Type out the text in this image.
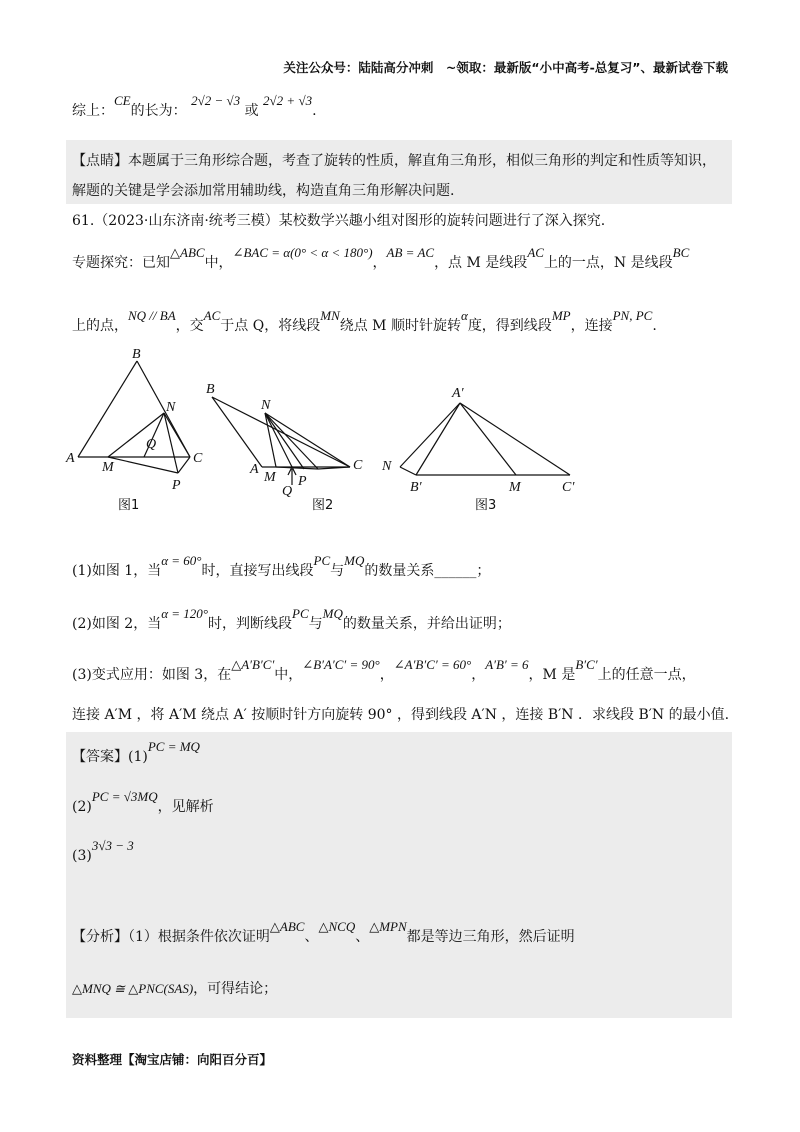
关注公众号：陆陆高分冲刺　~领取：最新版“小中高考-总复习”、最新试卷下载
综上：CE的长为： 2√2 − √3 或 2√2 + √3.
【点睛】本题属于三角形综合题，考查了旋转的性质，解直角三角形，相似三角形的判定和性质等知识，
解题的关键是学会添加常用辅助线，构造直角三角形解决问题.
61.（2023·山东济南·统考三模）某校数学兴趣小组对图形的旋转问题进行了深入探究.
专题探究：已知△ABC中，∠BAC = α(0° < α < 180°)，AB = AC，点 M 是线段AC上的一点，N 是线段BC
上的点，NQ // BA，交AC于点 Q，将线段MN绕点 M 顺时针旋转α度，得到线段MP，连接PN, PC.
B
N
Q
A
M
C
P
图1
B
N
A
M
Q
P
C
图2
A′
N
B′	M	C′
图3
(1)如图 1，当α = 60°时，直接写出线段PC与MQ的数量关系______；
(2)如图 2，当α = 120°时，判断线段PC与MQ的数量关系，并给出证明；
(3)变式应用：如图 3，在△A′B′C′中，∠B′A′C′ = 90°，∠A′B′C′ = 60°，A′B′ = 6，M 是B′C′上的任意一点，
连接 A′M ，将 A′M 绕点 A′ 按顺时针方向旋转 90° ，得到线段 A′N ，连接 B′N ．求线段 B′N 的最小值.
【答案】(1)PC = MQ
(2)PC = √3MQ，见解析
(3)3√3 − 3
【分析】（1）根据条件依次证明△ABC、△NCQ、△MPN都是等边三角形，然后证明
△MNQ ≅ △PNC(SAS)，可得结论；
资料整理【淘宝店铺：向阳百分百】
